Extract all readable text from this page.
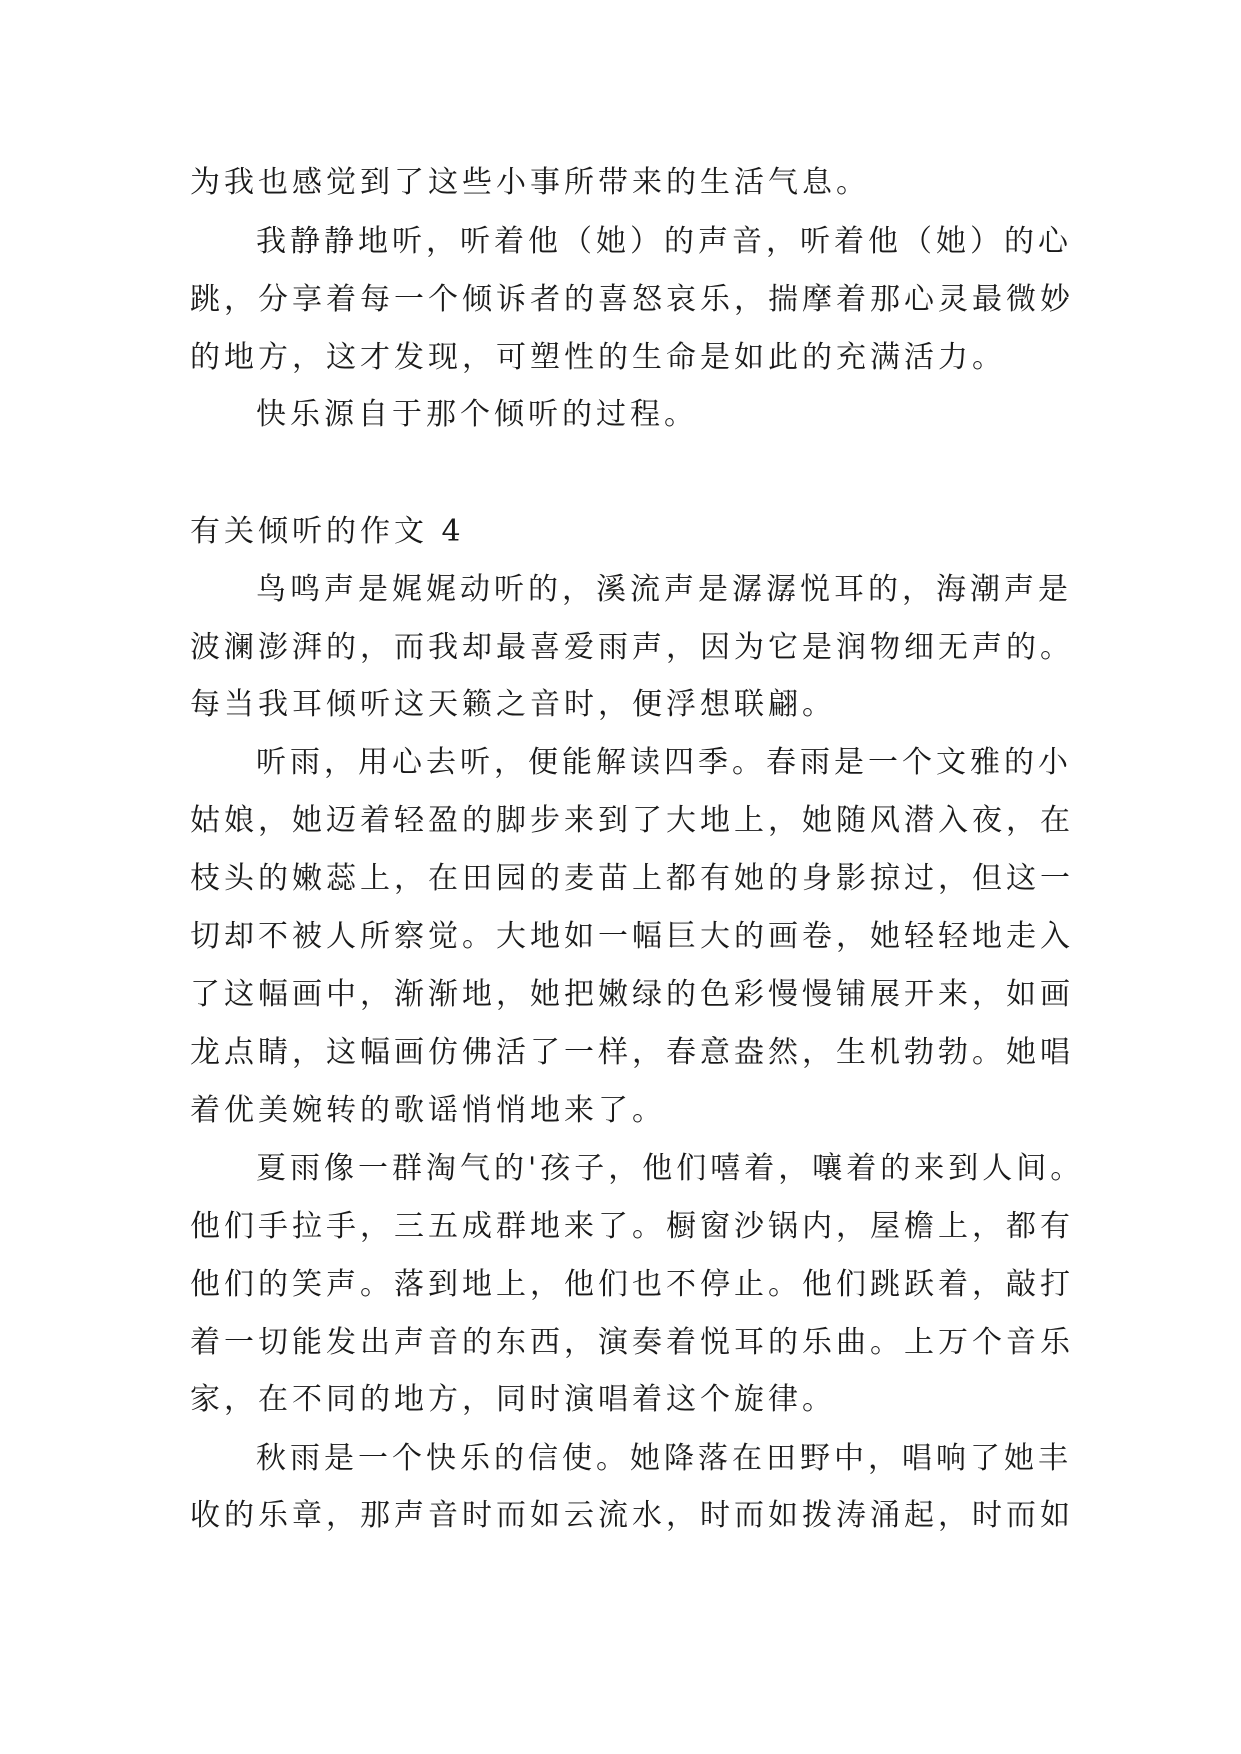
为我也感觉到了这些小事所带来的生活气息。
我静静地听，听着他（她）的声音，听着他（她）的心
跳，分享着每一个倾诉者的喜怒哀乐，揣摩着那心灵最微妙
的地方，这才发现，可塑性的生命是如此的充满活力。
快乐源自于那个倾听的过程。
有关倾听的作文 4
鸟鸣声是娓娓动听的，溪流声是潺潺悦耳的，海潮声是
波澜澎湃的，而我却最喜爱雨声，因为它是润物细无声的。
每当我耳倾听这天籁之音时，便浮想联翩。
听雨，用心去听，便能解读四季。春雨是一个文雅的小
姑娘，她迈着轻盈的脚步来到了大地上，她随风潜入夜，在
枝头的嫩蕊上，在田园的麦苗上都有她的身影掠过，但这一
切却不被人所察觉。大地如一幅巨大的画卷，她轻轻地走入
了这幅画中，渐渐地，她把嫩绿的色彩慢慢铺展开来，如画
龙点睛，这幅画仿佛活了一样，春意盎然，生机勃勃。她唱
着优美婉转的歌谣悄悄地来了。
夏雨像一群淘气的'孩子，他们嘻着，嚷着的来到人间。
他们手拉手，三五成群地来了。橱窗沙锅内，屋檐上，都有
他们的笑声。落到地上，他们也不停止。他们跳跃着，敲打
着一切能发出声音的东西，演奏着悦耳的乐曲。上万个音乐
家，在不同的地方，同时演唱着这个旋律。
秋雨是一个快乐的信使。她降落在田野中，唱响了她丰
收的乐章，那声音时而如云流水，时而如拨涛涌起，时而如
